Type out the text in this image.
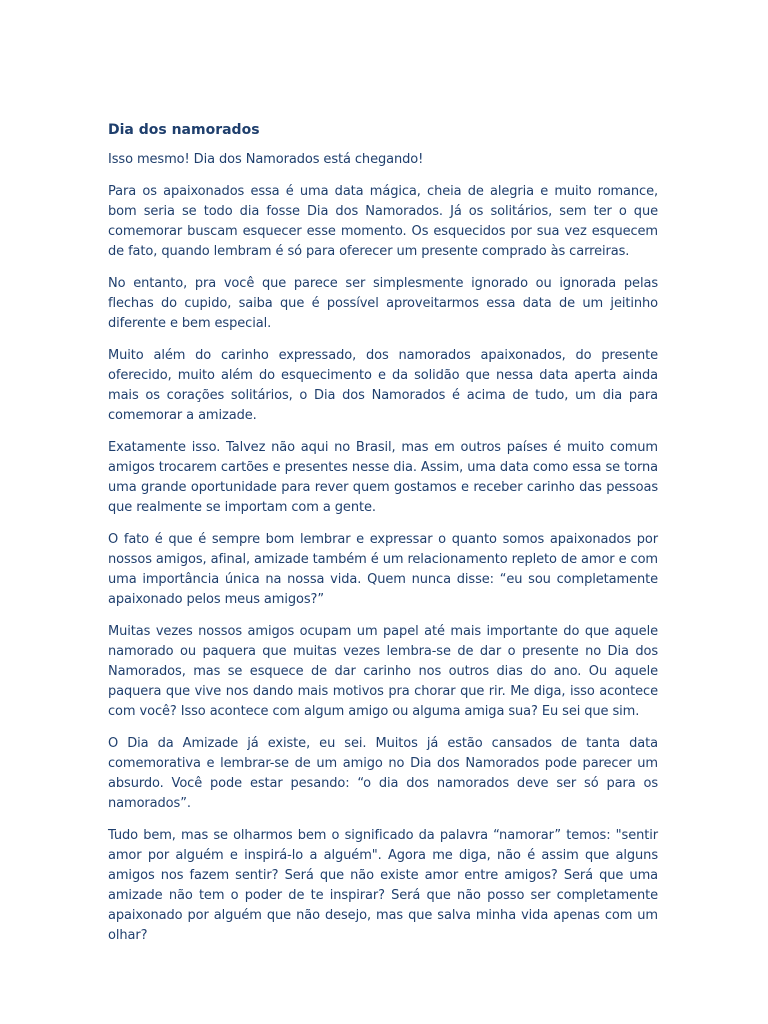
Dia dos namorados

Isso mesmo! Dia dos Namorados está chegando!

Para os apaixonados essa é uma data mágica, cheia de alegria e muito romance, bom seria se todo dia fosse Dia dos Namorados. Já os solitários, sem ter o que comemorar buscam esquecer esse momento. Os esquecidos por sua vez esquecem de fato, quando lembram é só para oferecer um presente comprado às carreiras.

No entanto, pra você que parece ser simplesmente ignorado ou ignorada pelas flechas do cupido, saiba que é possível aproveitarmos essa data de um jeitinho diferente e bem especial.

Muito além do carinho expressado, dos namorados apaixonados, do presente oferecido, muito além do esquecimento e da solidão que nessa data aperta ainda mais os corações solitários, o Dia dos Namorados é acima de tudo, um dia para comemorar a amizade.

Exatamente isso. Talvez não aqui no Brasil, mas em outros países é muito comum amigos trocarem cartões e presentes nesse dia. Assim, uma data como essa se torna uma grande oportunidade para rever quem gostamos e receber carinho das pessoas que realmente se importam com a gente.

O fato é que é sempre bom lembrar e expressar o quanto somos apaixonados por nossos amigos, afinal, amizade também é um relacionamento repleto de amor e com uma importância única na nossa vida. Quem nunca disse: “eu sou completamente apaixonado pelos meus amigos?”

Muitas vezes nossos amigos ocupam um papel até mais importante do que aquele namorado ou paquera que muitas vezes lembra-se de dar o presente no Dia dos Namorados, mas se esquece de dar carinho nos outros dias do ano. Ou aquele paquera que vive nos dando mais motivos pra chorar que rir. Me diga, isso acontece com você? Isso acontece com algum amigo ou alguma amiga sua? Eu sei que sim.

O Dia da Amizade já existe, eu sei. Muitos já estão cansados de tanta data comemorativa e lembrar-se de um amigo no Dia dos Namorados pode parecer um absurdo. Você pode estar pesando: “o dia dos namorados deve ser só para os namorados”.

Tudo bem, mas se olharmos bem o significado da palavra “namorar” temos: "sentir amor por alguém e inspirá-lo a alguém". Agora me diga, não é assim que alguns amigos nos fazem sentir? Será que não existe amor entre amigos? Será que uma amizade não tem o poder de te inspirar? Será que não posso ser completamente apaixonado por alguém que não desejo, mas que salva minha vida apenas com um olhar?
